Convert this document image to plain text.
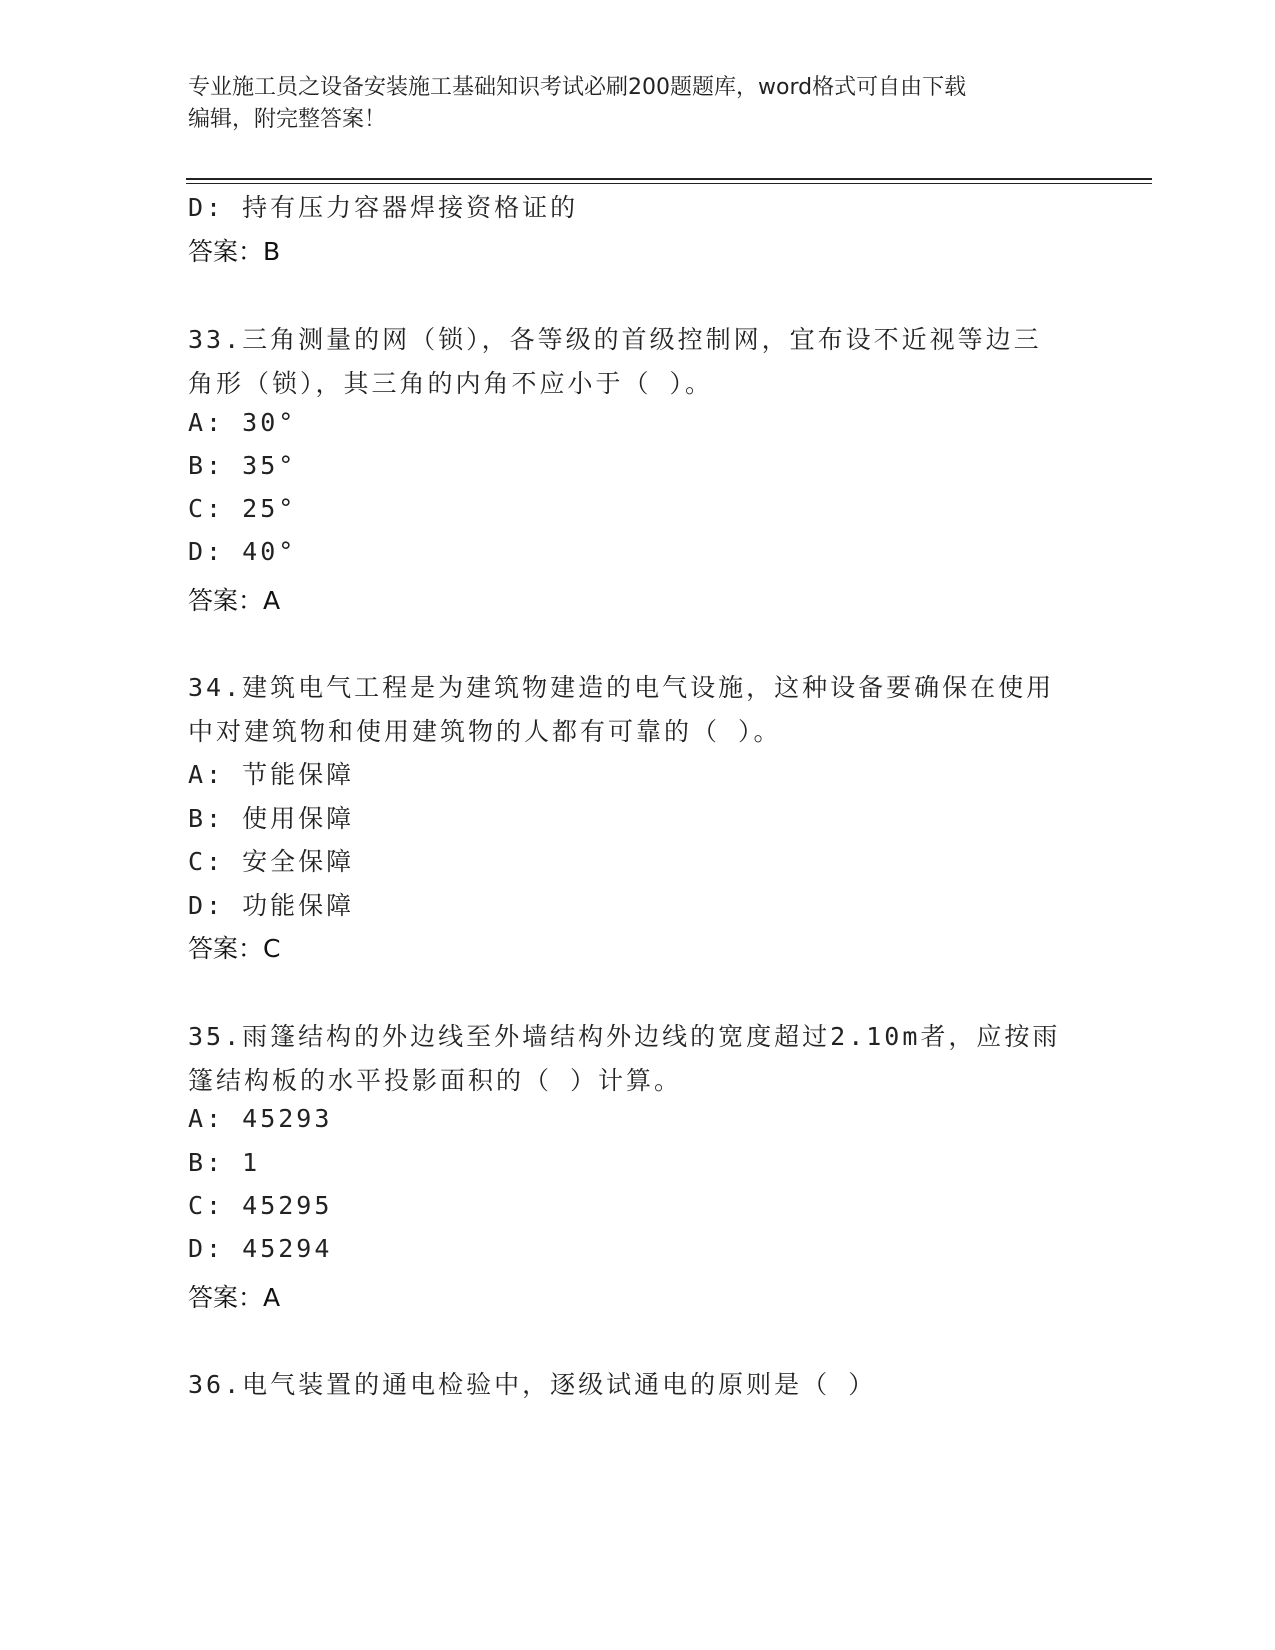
专业施工员之设备安装施工基础知识考试必刷200题题库，word格式可自由下载
编辑，附完整答案！
D: 持有压力容器焊接资格证的
答案：B
33.三角测量的网（锁），各等级的首级控制网，宜布设不近视等边三
角形（锁），其三角的内角不应小于（ ）。
A: 30°
B: 35°
C: 25°
D: 40°
答案：A
34.建筑电气工程是为建筑物建造的电气设施，这种设备要确保在使用
中对建筑物和使用建筑物的人都有可靠的（ ）。
A: 节能保障
B: 使用保障
C: 安全保障
D: 功能保障
答案：C
35.雨篷结构的外边线至外墙结构外边线的宽度超过2.10m者，应按雨
篷结构板的水平投影面积的（ ）计算。
A: 45293
B: 1
C: 45295
D: 45294
答案：A
36.电气装置的通电检验中，逐级试通电的原则是（ ）
